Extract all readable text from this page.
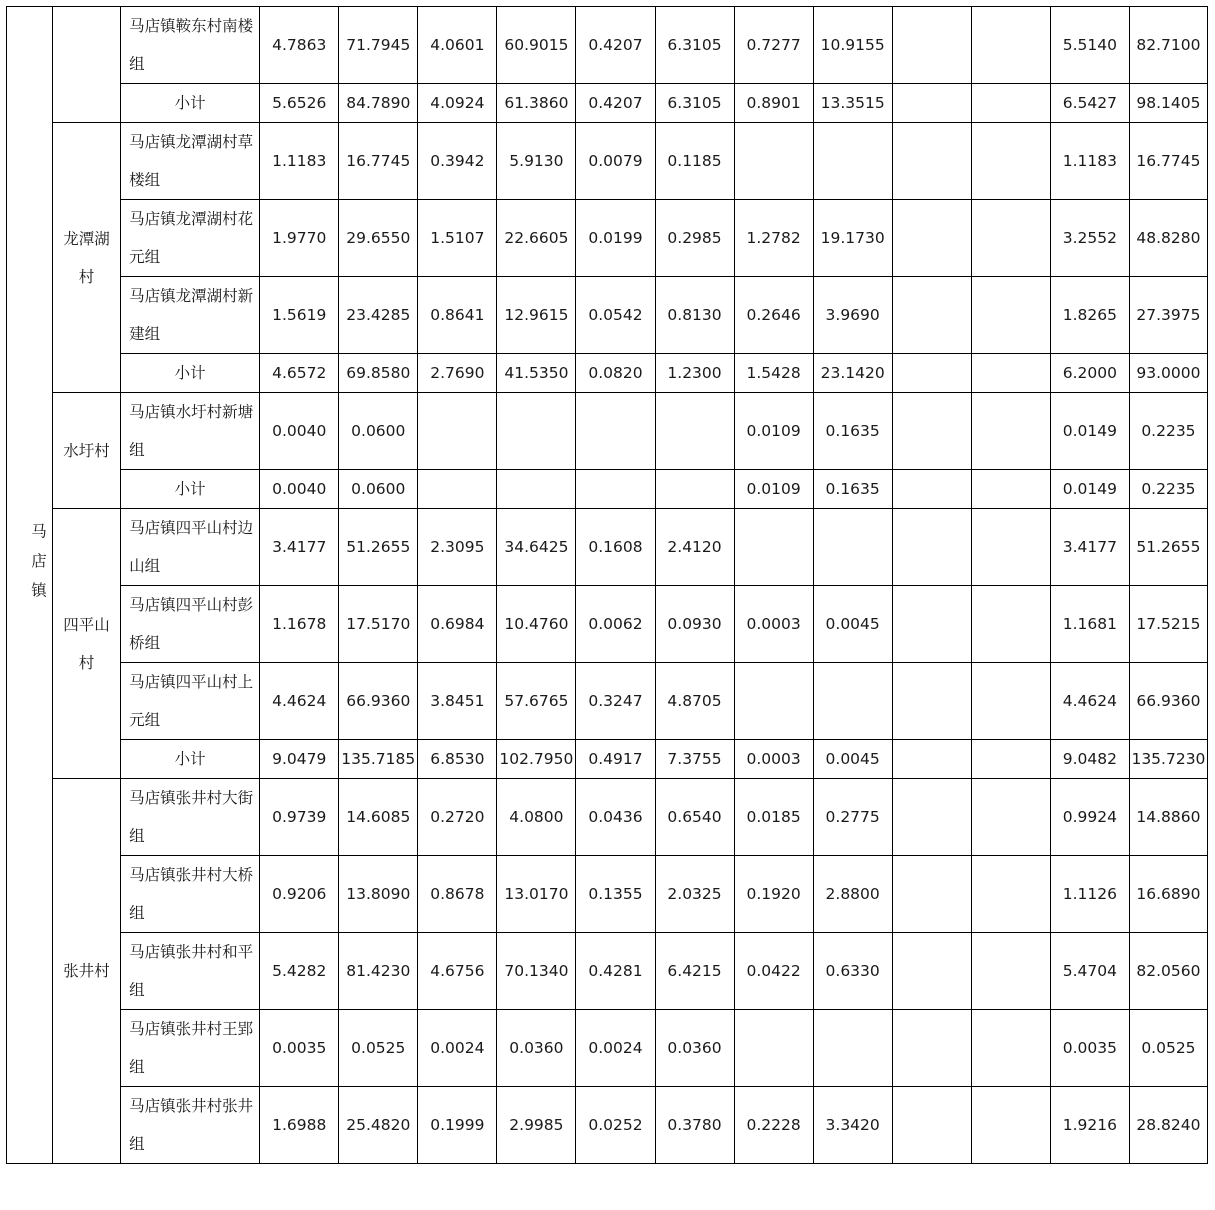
马店镇		马店镇鞍东村南楼组	4.7863	71.7945	4.0601	60.9015	0.4207	6.3105	0.7277	10.9155			5.5140	82.7100
		小计	5.6526	84.7890	4.0924	61.3860	0.4207	6.3105	0.8901	13.3515			6.5427	98.1405

	龙潭湖村	马店镇龙潭湖村草楼组	1.1183	16.7745	0.3942	5.9130	0.0079	0.1185					1.1183	16.7745
		马店镇龙潭湖村花元组	1.9770	29.6550	1.5107	22.6605	0.0199	0.2985	1.2782	19.1730			3.2552	48.8280
		马店镇龙潭湖村新建组	1.5619	23.4285	0.8641	12.9615	0.0542	0.8130	0.2646	3.9690			1.8265	27.3975
		小计	4.6572	69.8580	2.7690	41.5350	0.0820	1.2300	1.5428	23.1420			6.2000	93.0000

	水圩村	马店镇水圩村新塘组	0.0040	0.0600					0.0109	0.1635			0.0149	0.2235
		小计	0.0040	0.0600					0.0109	0.1635			0.0149	0.2235

	四平山村	马店镇四平山村边山组	3.4177	51.2655	2.3095	34.6425	0.1608	2.4120					3.4177	51.2655
		马店镇四平山村彭桥组	1.1678	17.5170	0.6984	10.4760	0.0062	0.0930	0.0003	0.0045			1.1681	17.5215
		马店镇四平山村上元组	4.4624	66.9360	3.8451	57.6765	0.3247	4.8705					4.4624	66.9360
		小计	9.0479	135.7185	6.8530	102.7950	0.4917	7.3755	0.0003	0.0045			9.0482	135.7230

	张井村	马店镇张井村大街组	0.9739	14.6085	0.2720	4.0800	0.0436	0.6540	0.0185	0.2775			0.9924	14.8860
		马店镇张井村大桥组	0.9206	13.8090	0.8678	13.0170	0.1355	2.0325	0.1920	2.8800			1.1126	16.6890
		马店镇张井村和平组	5.4282	81.4230	4.6756	70.1340	0.4281	6.4215	0.0422	0.6330			5.4704	82.0560
		马店镇张井村王郢组	0.0035	0.0525	0.0024	0.0360	0.0024	0.0360					0.0035	0.0525
		马店镇张井村张井组	1.6988	25.4820	0.1999	2.9985	0.0252	0.3780	0.2228	3.3420			1.9216	28.8240
